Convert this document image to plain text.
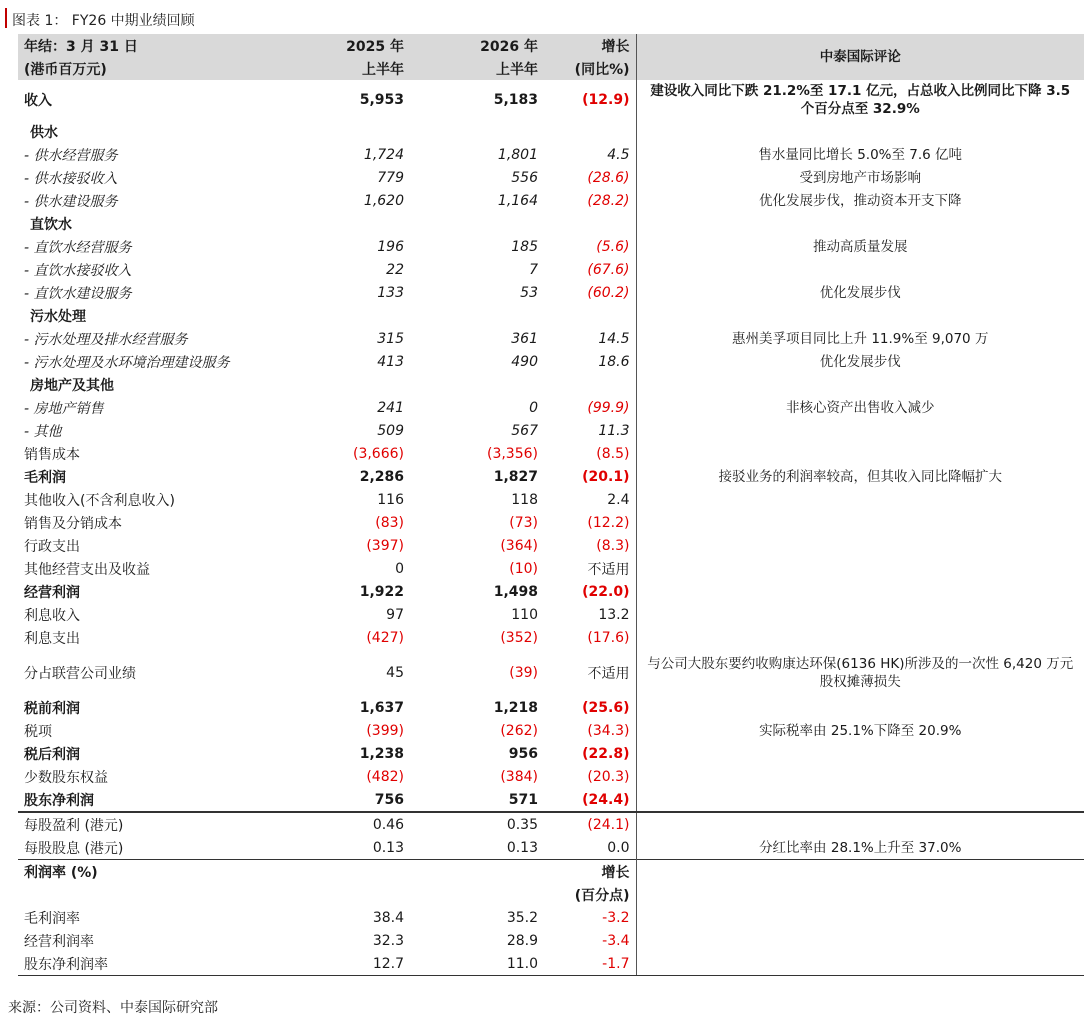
图表 1： FY26 中期业绩回顾
年结：3 月 31 日	2025 年	2026 年	增长	中泰国际评论
(港币百万元)	上半年	上半年	(同比%)	
收入	5,953	5,183	(12.9)	建设收入同比下跌 21.2%至 17.1 亿元，占总收入比例同比下降 3.5 个百分点至 32.9%
供水				
- 供水经营服务	1,724	1,801	4.5	售水量同比增长 5.0%至 7.6 亿吨
- 供水接驳收入	779	556	(28.6)	受到房地产市场影响
- 供水建设服务	1,620	1,164	(28.2)	优化发展步伐，推动资本开支下降
直饮水				
- 直饮水经营服务	196	185	(5.6)	推动高质量发展
- 直饮水接驳收入	22	7	(67.6)	
- 直饮水建设服务	133	53	(60.2)	优化发展步伐
污水处理				
- 污水处理及排水经营服务	315	361	14.5	惠州美孚项目同比上升 11.9%至 9,070 万
- 污水处理及水环境治理建设服务	413	490	18.6	优化发展步伐
房地产及其他				
- 房地产销售	241	0	(99.9)	非核心资产出售收入减少
- 其他	509	567	11.3	
销售成本	(3,666)	(3,356)	(8.5)	
毛利润	2,286	1,827	(20.1)	接驳业务的利润率较高，但其收入同比降幅扩大
其他收入(不含利息收入)	116	118	2.4	
销售及分销成本	(83)	(73)	(12.2)	
行政支出	(397)	(364)	(8.3)	
其他经营支出及收益	0	(10)	不适用	
经营利润	1,922	1,498	(22.0)	
利息收入	97	110	13.2	
利息支出	(427)	(352)	(17.6)	
分占联营公司业绩	45	(39)	不适用	与公司大股东要约收购康达环保(6136 HK)所涉及的一次性 6,420 万元股权摊薄损失
税前利润	1,637	1,218	(25.6)	
税项	(399)	(262)	(34.3)	实际税率由 25.1%下降至 20.9%
税后利润	1,238	956	(22.8)	
少数股东权益	(482)	(384)	(20.3)	
股东净利润	756	571	(24.4)	
每股盈利 (港元)	0.46	0.35	(24.1)	
每股股息 (港元)	0.13	0.13	0.0	分红比率由 28.1%上升至 37.0%
利润率 (%)			增长	
			(百分点)	
毛利润率	38.4	35.2	-3.2	
经营利润率	32.3	28.9	-3.4	
股东净利润率	12.7	11.0	-1.7	
来源：公司资料、中泰国际研究部
